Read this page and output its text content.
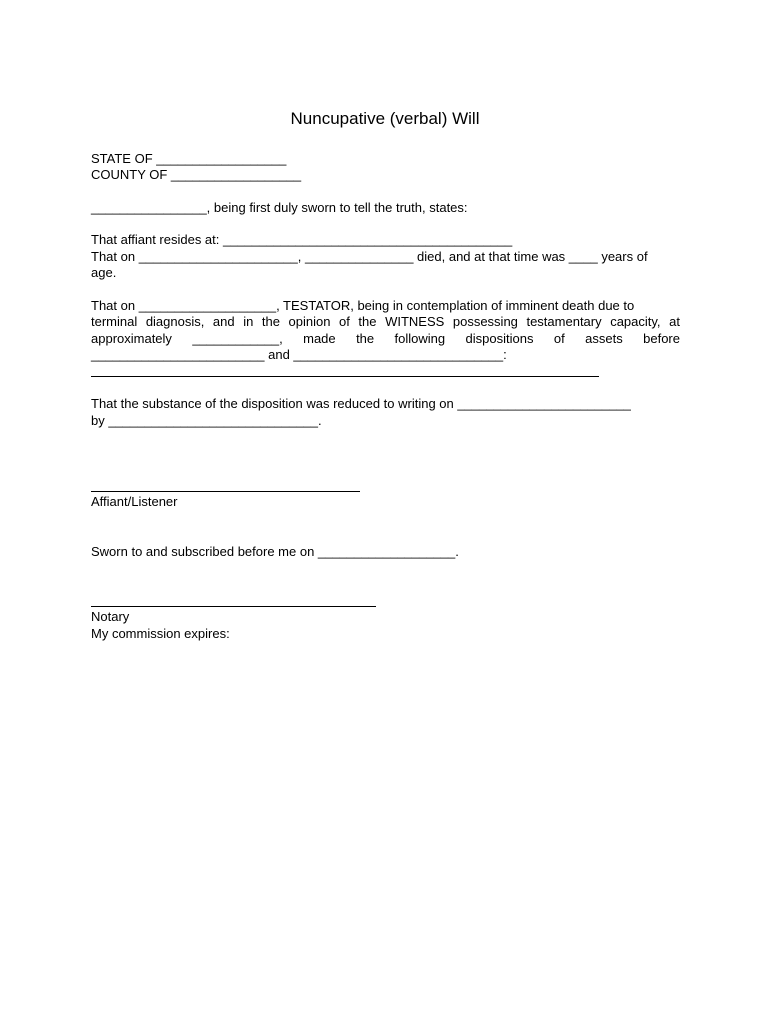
Nuncupative (verbal) Will
STATE OF __________________
COUNTY OF __________________
________________, being first duly sworn to tell the truth, states:
That affiant resides at: ________________________________________
That on ______________________, _______________ died, and at that time was ____ years of
age.
That on ___________________, TESTATOR, being in contemplation of imminent death due to
terminal diagnosis, and in the opinion of the WITNESS possessing testamentary capacity, at
approximately ____________, made the following dispositions of assets before
________________________ and _____________________________:
That the substance of the disposition was reduced to writing on ________________________
by _____________________________.
Affiant/Listener
Sworn to and subscribed before me on ___________________.
Notary
My commission expires:
